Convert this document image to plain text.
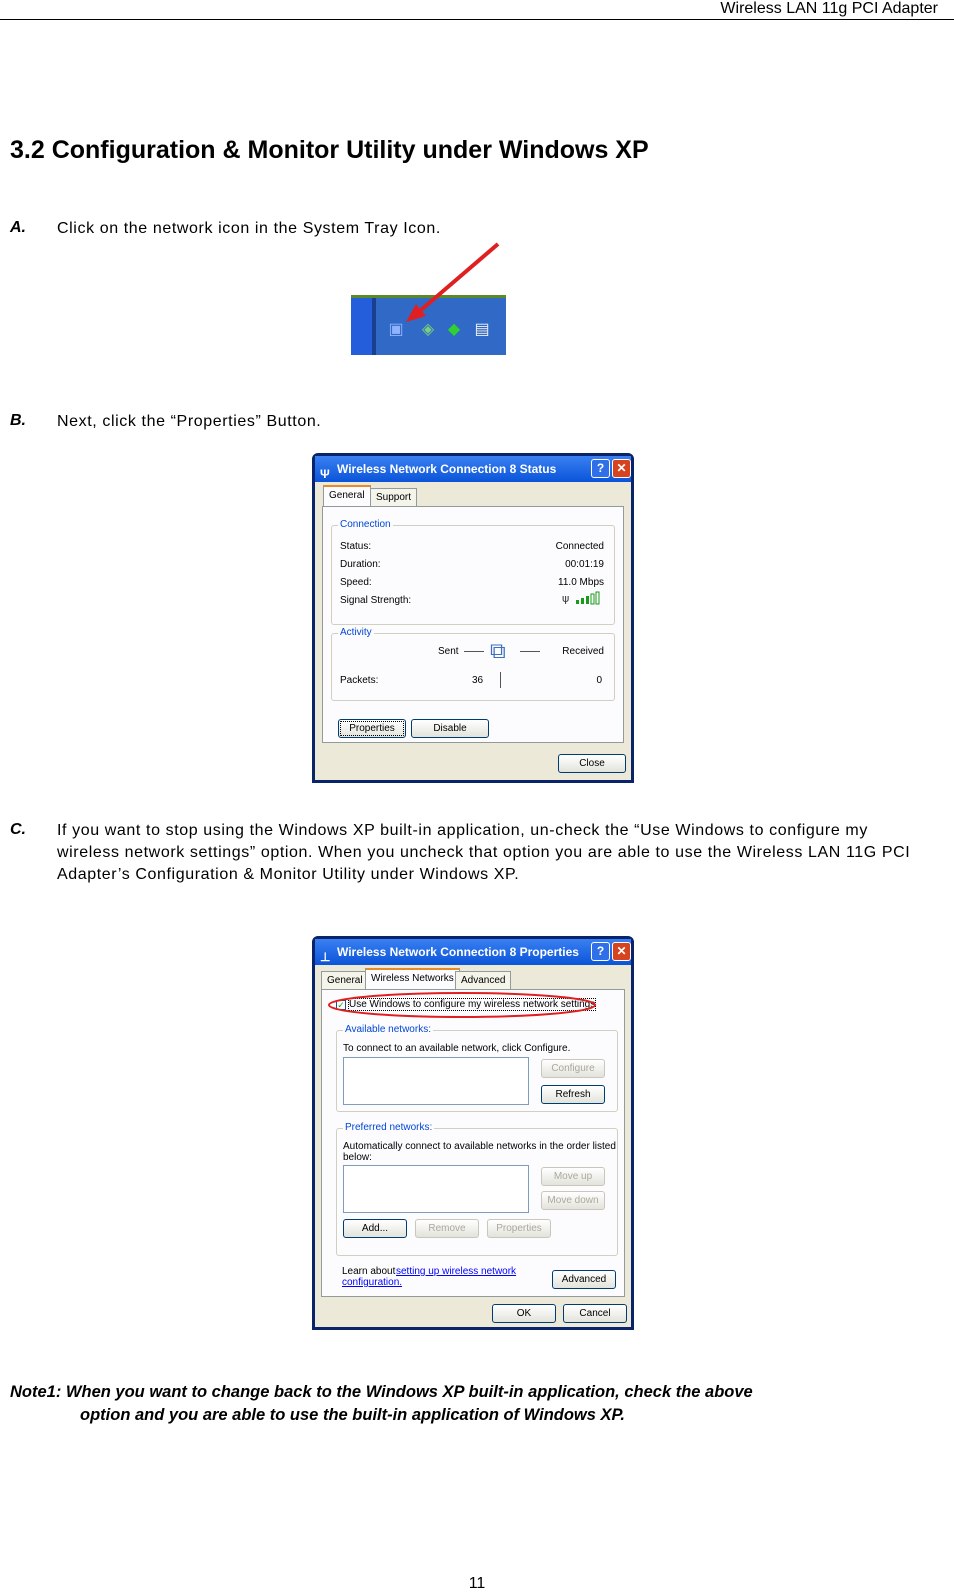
Wireless LAN 11g PCI Adapter
3.2 Configuration & Monitor Utility under Windows XP
A. Click on the network icon in the System Tray Icon.
▣ ◈ ◆ ▤
B. Next, click the “Properties” Button.
Ψ Wireless Network Connection 8 Status	?	✕
General	Support
Connection
Status:	Connected
Duration:	00:01:19
Speed:	11.0 Mbps
Signal Strength:	ψ
Activity
Sent	Received
⧉
Packets:	36	0
Properties	Disable
Close
C. If you want to stop using the Windows XP built-in application, un-check the “Use Windows to configure my wireless network settings” option. When you uncheck that option you are able to use the Wireless LAN 11G PCI Adapter’s Configuration & Monitor Utility under Windows XP.
⊥ Wireless Network Connection 8 Properties	?	✕
General Wireless Networks Advanced
✓ Use Windows to configure my wireless network settings
Available networks:
To connect to an available network, click Configure.
Configure
Refresh
Preferred networks:
Automatically connect to available networks in the order listed
below:
Move up
Move down
Add...	Remove	Properties
Learn about setting up wireless network
configuration.	Advanced
OK	Cancel
Note1: When you want to change back to the Windows XP built-in application, check the above
option and you are able to use the built-in application of Windows XP.
11
